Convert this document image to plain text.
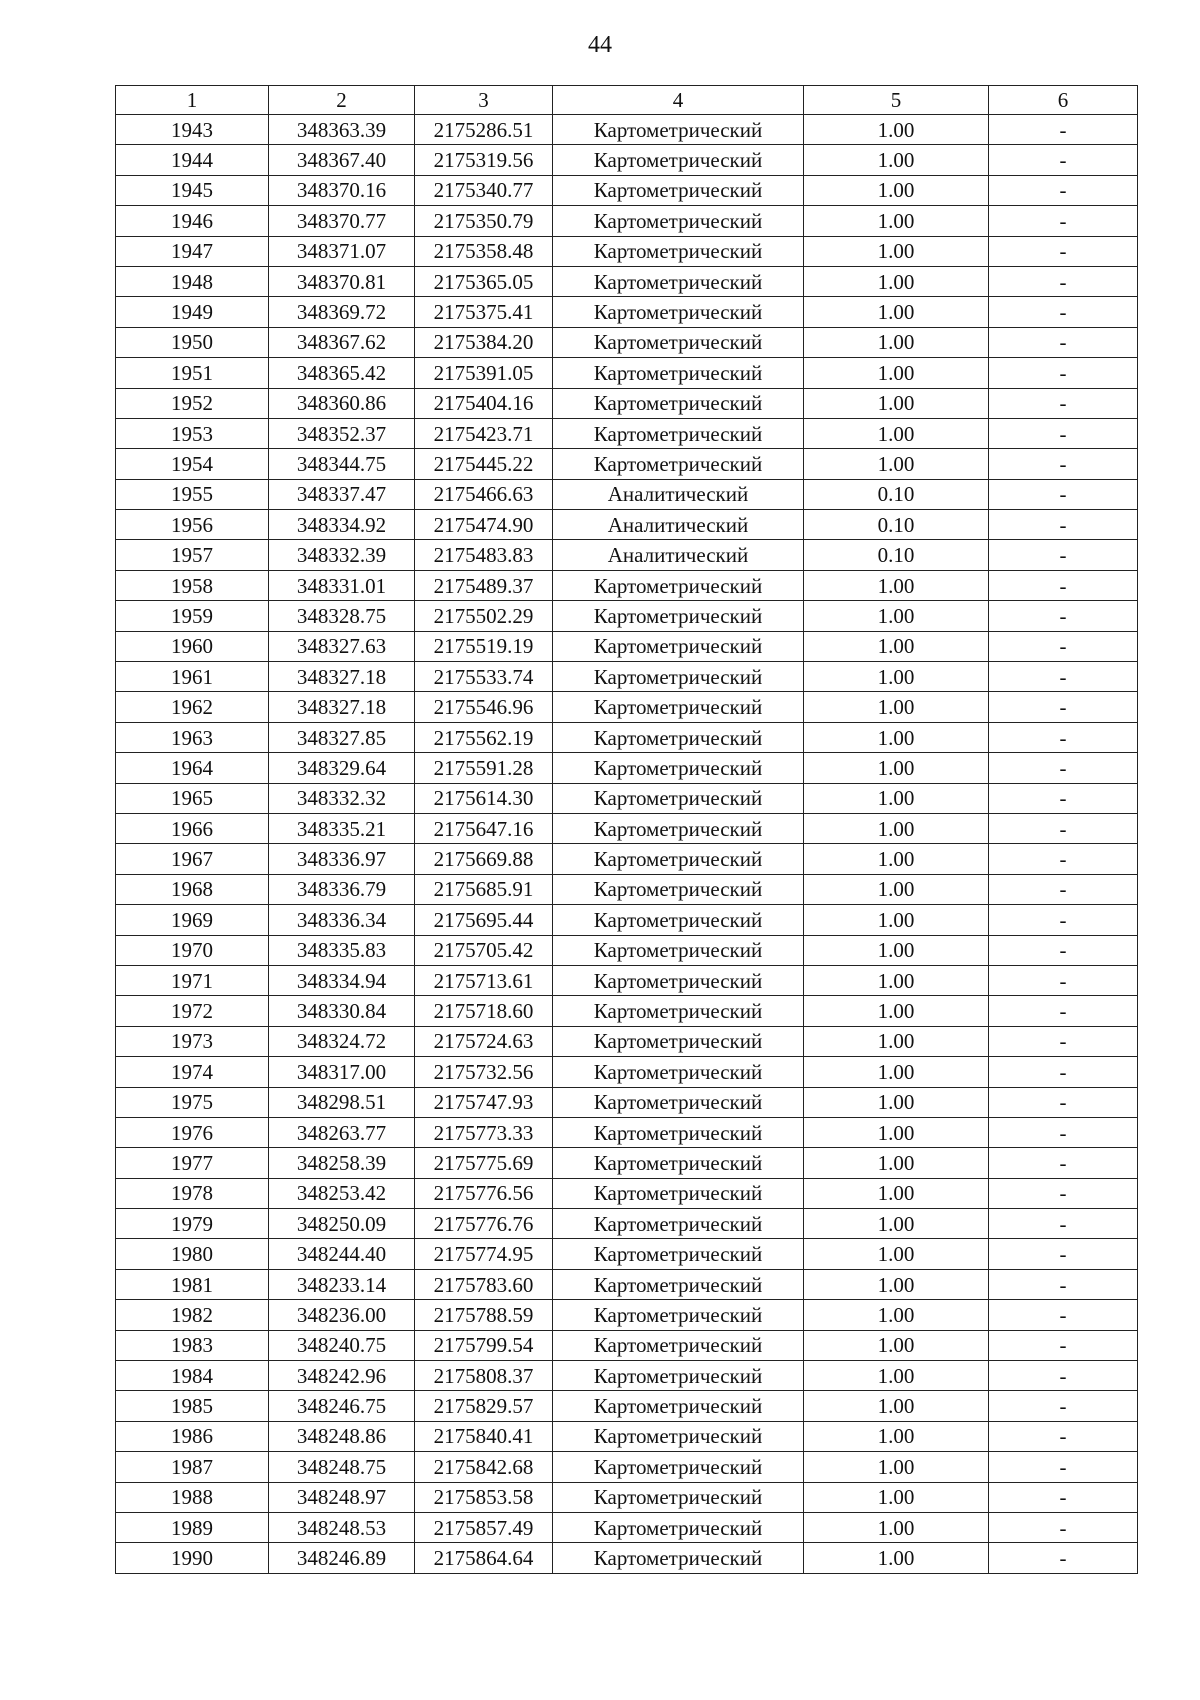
44
1	2	3	4	5	6
1943	348363.39	2175286.51	Картометрический	1.00	-
1944	348367.40	2175319.56	Картометрический	1.00	-
1945	348370.16	2175340.77	Картометрический	1.00	-
1946	348370.77	2175350.79	Картометрический	1.00	-
1947	348371.07	2175358.48	Картометрический	1.00	-
1948	348370.81	2175365.05	Картометрический	1.00	-
1949	348369.72	2175375.41	Картометрический	1.00	-
1950	348367.62	2175384.20	Картометрический	1.00	-
1951	348365.42	2175391.05	Картометрический	1.00	-
1952	348360.86	2175404.16	Картометрический	1.00	-
1953	348352.37	2175423.71	Картометрический	1.00	-
1954	348344.75	2175445.22	Картометрический	1.00	-
1955	348337.47	2175466.63	Аналитический	0.10	-
1956	348334.92	2175474.90	Аналитический	0.10	-
1957	348332.39	2175483.83	Аналитический	0.10	-
1958	348331.01	2175489.37	Картометрический	1.00	-
1959	348328.75	2175502.29	Картометрический	1.00	-
1960	348327.63	2175519.19	Картометрический	1.00	-
1961	348327.18	2175533.74	Картометрический	1.00	-
1962	348327.18	2175546.96	Картометрический	1.00	-
1963	348327.85	2175562.19	Картометрический	1.00	-
1964	348329.64	2175591.28	Картометрический	1.00	-
1965	348332.32	2175614.30	Картометрический	1.00	-
1966	348335.21	2175647.16	Картометрический	1.00	-
1967	348336.97	2175669.88	Картометрический	1.00	-
1968	348336.79	2175685.91	Картометрический	1.00	-
1969	348336.34	2175695.44	Картометрический	1.00	-
1970	348335.83	2175705.42	Картометрический	1.00	-
1971	348334.94	2175713.61	Картометрический	1.00	-
1972	348330.84	2175718.60	Картометрический	1.00	-
1973	348324.72	2175724.63	Картометрический	1.00	-
1974	348317.00	2175732.56	Картометрический	1.00	-
1975	348298.51	2175747.93	Картометрический	1.00	-
1976	348263.77	2175773.33	Картометрический	1.00	-
1977	348258.39	2175775.69	Картометрический	1.00	-
1978	348253.42	2175776.56	Картометрический	1.00	-
1979	348250.09	2175776.76	Картометрический	1.00	-
1980	348244.40	2175774.95	Картометрический	1.00	-
1981	348233.14	2175783.60	Картометрический	1.00	-
1982	348236.00	2175788.59	Картометрический	1.00	-
1983	348240.75	2175799.54	Картометрический	1.00	-
1984	348242.96	2175808.37	Картометрический	1.00	-
1985	348246.75	2175829.57	Картометрический	1.00	-
1986	348248.86	2175840.41	Картометрический	1.00	-
1987	348248.75	2175842.68	Картометрический	1.00	-
1988	348248.97	2175853.58	Картометрический	1.00	-
1989	348248.53	2175857.49	Картометрический	1.00	-
1990	348246.89	2175864.64	Картометрический	1.00	-
